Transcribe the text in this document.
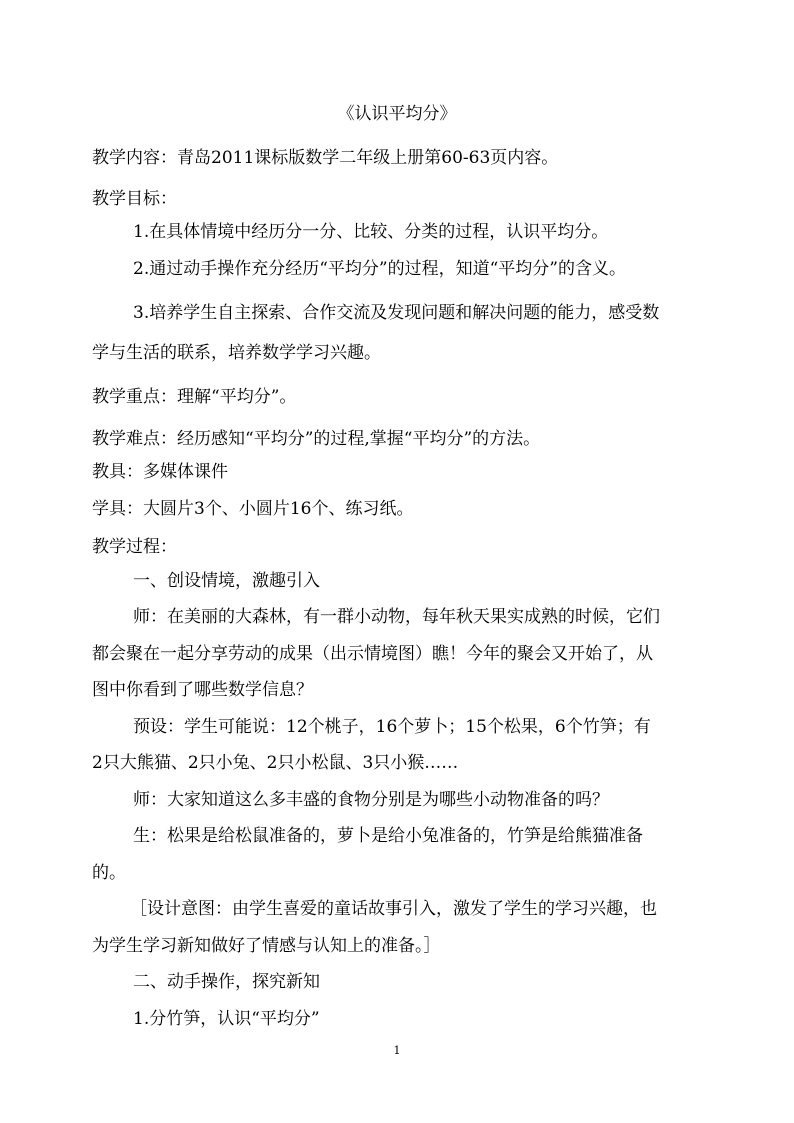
《认识平均分》
教学内容：青岛2011课标版数学二年级上册第60-63页内容。
教学目标：
1.在具体情境中经历分一分、比较、分类的过程，认识平均分。
2.通过动手操作充分经历“平均分”的过程，知道“平均分”的含义。
3.培养学生自主探索、合作交流及发现问题和解决问题的能力，感受数
学与生活的联系，培养数学学习兴趣。
教学重点：理解“平均分”。
教学难点：经历感知“平均分”的过程,掌握“平均分”的方法。
教具：多媒体课件
学具：大圆片3个、小圆片16个、练习纸。
教学过程：
一、创设情境，激趣引入
师：在美丽的大森林，有一群小动物，每年秋天果实成熟的时候，它们
都会聚在一起分享劳动的成果（出示情境图）瞧！今年的聚会又开始了，从
图中你看到了哪些数学信息？
预设：学生可能说：12个桃子，16个萝卜；15个松果，6个竹笋；有
2只大熊猫、2只小兔、2只小松鼠、3只小猴……
师：大家知道这么多丰盛的食物分别是为哪些小动物准备的吗？
生：松果是给松鼠准备的，萝卜是给小兔准备的，竹笋是给熊猫准备
的。
［设计意图：由学生喜爱的童话故事引入，激发了学生的学习兴趣，也
为学生学习新知做好了情感与认知上的准备。］
二、动手操作，探究新知
1.分竹笋，认识“平均分”
1
